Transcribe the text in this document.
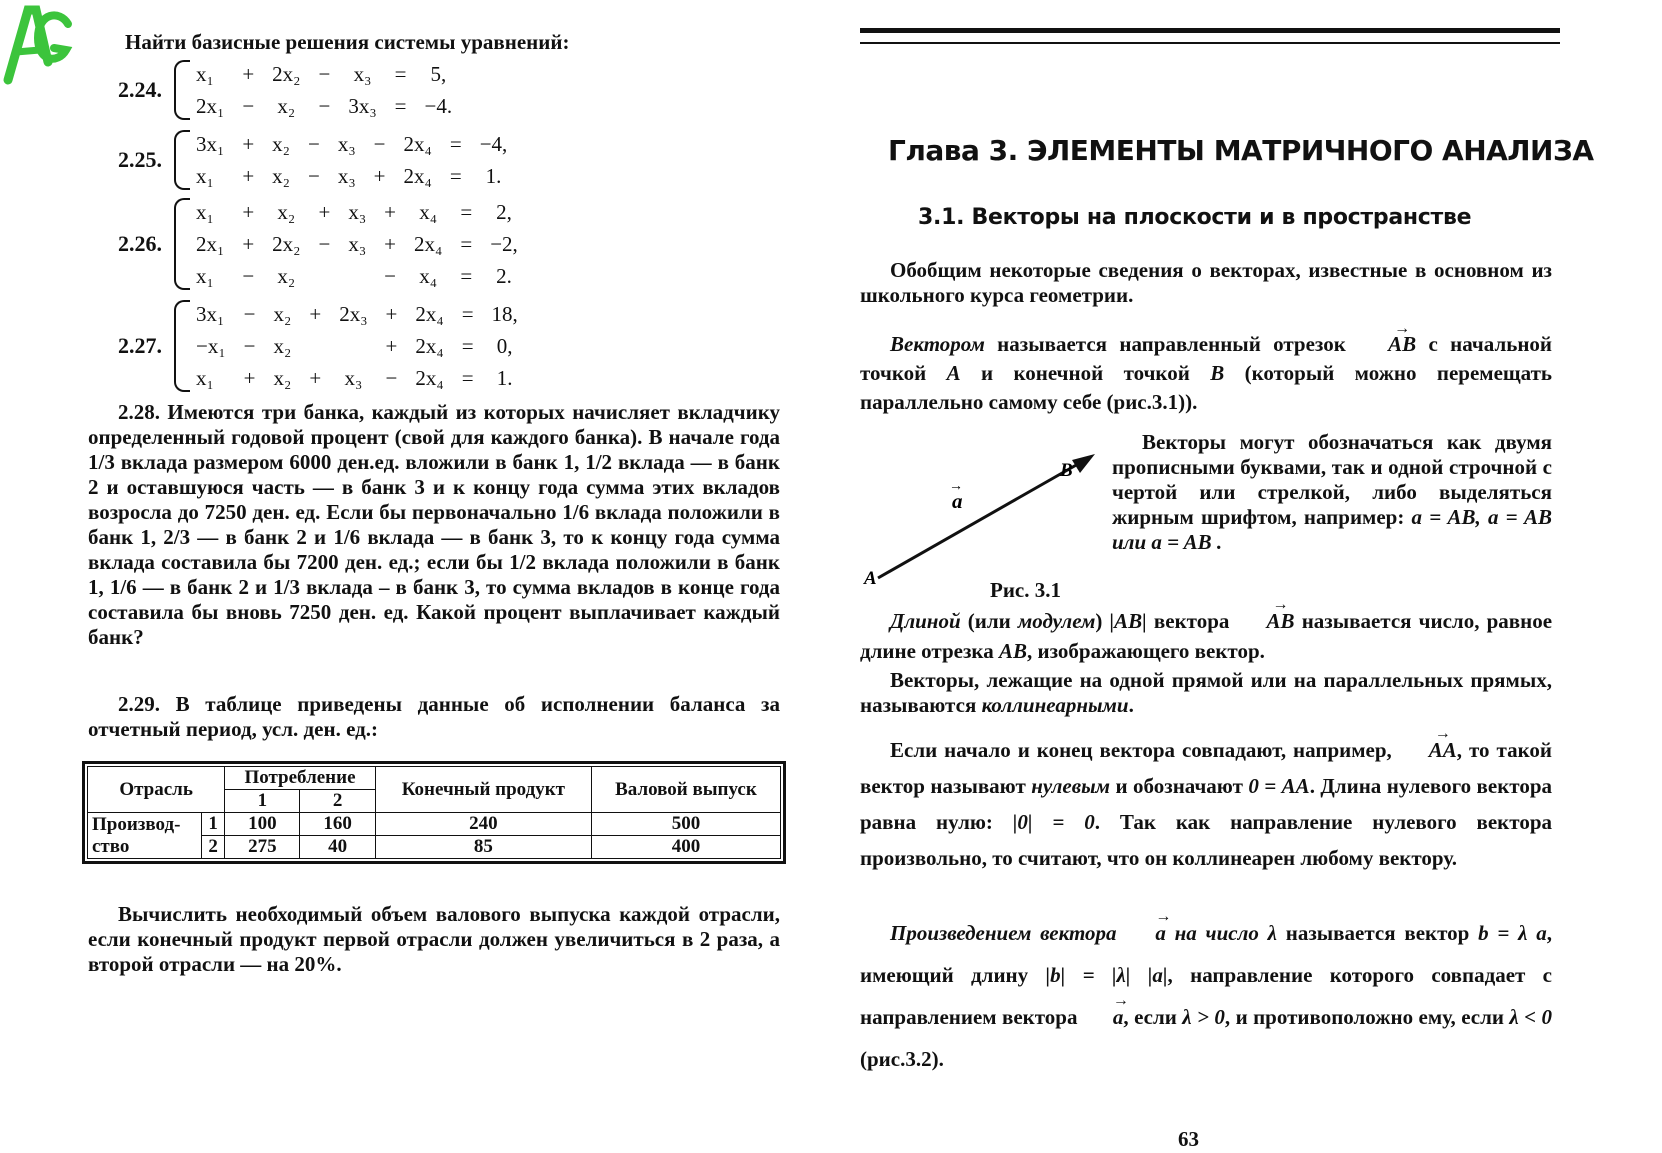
Найти базисные решения системы уравнений:
2.24.
x₁	+	2x₂	−	x₃	=	5,
2x₁	−	x₂	−	3x₃	=	−4.
2.25.
3x₁	+	x₂	−	x₃	−	2x₄	=	−4,
x₁	+	x₂	−	x₃	+	2x₄	=	1.
2.26.
x₁	+	x₂	+	x₃	+	x₄	=	2,
2x₁	+	2x₂	−	x₃	+	2x₄	=	−2,
x₁	−	x₂			−	x₄	=	2.
2.27.
3x₁	−	x₂	+	2x₃	+	2x₄	=	18,
−x₁	−	x₂			+	2x₄	=	0,
x₁	+	x₂	+	x₃	−	2x₄	=	1.
2.28. Имеются три банка, каждый из которых начисляет вкладчику определенный годовой процент (свой для каждого банка). В начале года 1/3 вклада размером 6000 ден.ед. вложили в банк 1, 1/2 вклада — в банк 2 и оставшуюся часть — в банк 3 и к концу года сумма этих вкладов возросла до 7250 ден. ед. Если бы первоначально 1/6 вклада положили в банк 1, 2/3 — в банк 2 и 1/6 вклада — в банк 3, то к концу года сумма вклада составила бы 7200 ден. ед.; если бы 1/2 вклада положили в банк 1, 1/6 — в банк 2 и 1/3 вклада – в банк 3, то сумма вкладов в конце года составила бы вновь 7250 ден. ед. Какой процент выплачивает каждый банк?
2.29. В таблице приведены данные об исполнении баланса за отчетный период, усл. ден. ед.:
Отрасль		Потребление		Конечный продукт	Валовой выпуск
		1	2		
Производ-
ство	1	100	160	240	500
	2	275	40	85	400
Вычислить необходимый объем валового выпуска каждой отрасли, если конечный продукт первой отрасли должен увеличиться в 2 раза, а второй отрасли — на 20%.
Глава 3. ЭЛЕМЕНТЫ МАТРИЧНОГО АНАЛИЗА
3.1. Векторы на плоскости и в пространстве
Обобщим некоторые сведения о векторах, известные в основном из школьного курса геометрии.
Вектором называется направленный отрезок → AB с начальной точкой A и конечной точкой B (который можно перемещать параллельно самому себе (рис.3.1)).
B
A
a
→
Рис. 3.1
Векторы могут обозначаться как двумя прописными буквами, так и одной строчной с чертой или стрелкой, либо выделяться жирным шрифтом, например: a = AB, a = AB или a = AB .
Длиной (или модулем) |AB| вектора → AB называется число, равное длине отрезка AB, изображающего вектор.
Векторы, лежащие на одной прямой или на параллельных прямых, называются коллинеарными.
Если начало и конец вектора совпадают, например, → AA, то такой вектор называют нулевым и обозначают 0 = AA. Длина нулевого вектора равна нулю: |0| = 0. Так как направление нулевого вектора произвольно, то считают, что он коллинеарен любому вектору.
Произведением вектора → a на число λ называется вектор b = λ a, имеющий длину |b| = |λ| |a|, направление которого совпадает с направлением вектора → a, если λ > 0, и противоположно ему, если λ < 0 (рис.3.2).
63
